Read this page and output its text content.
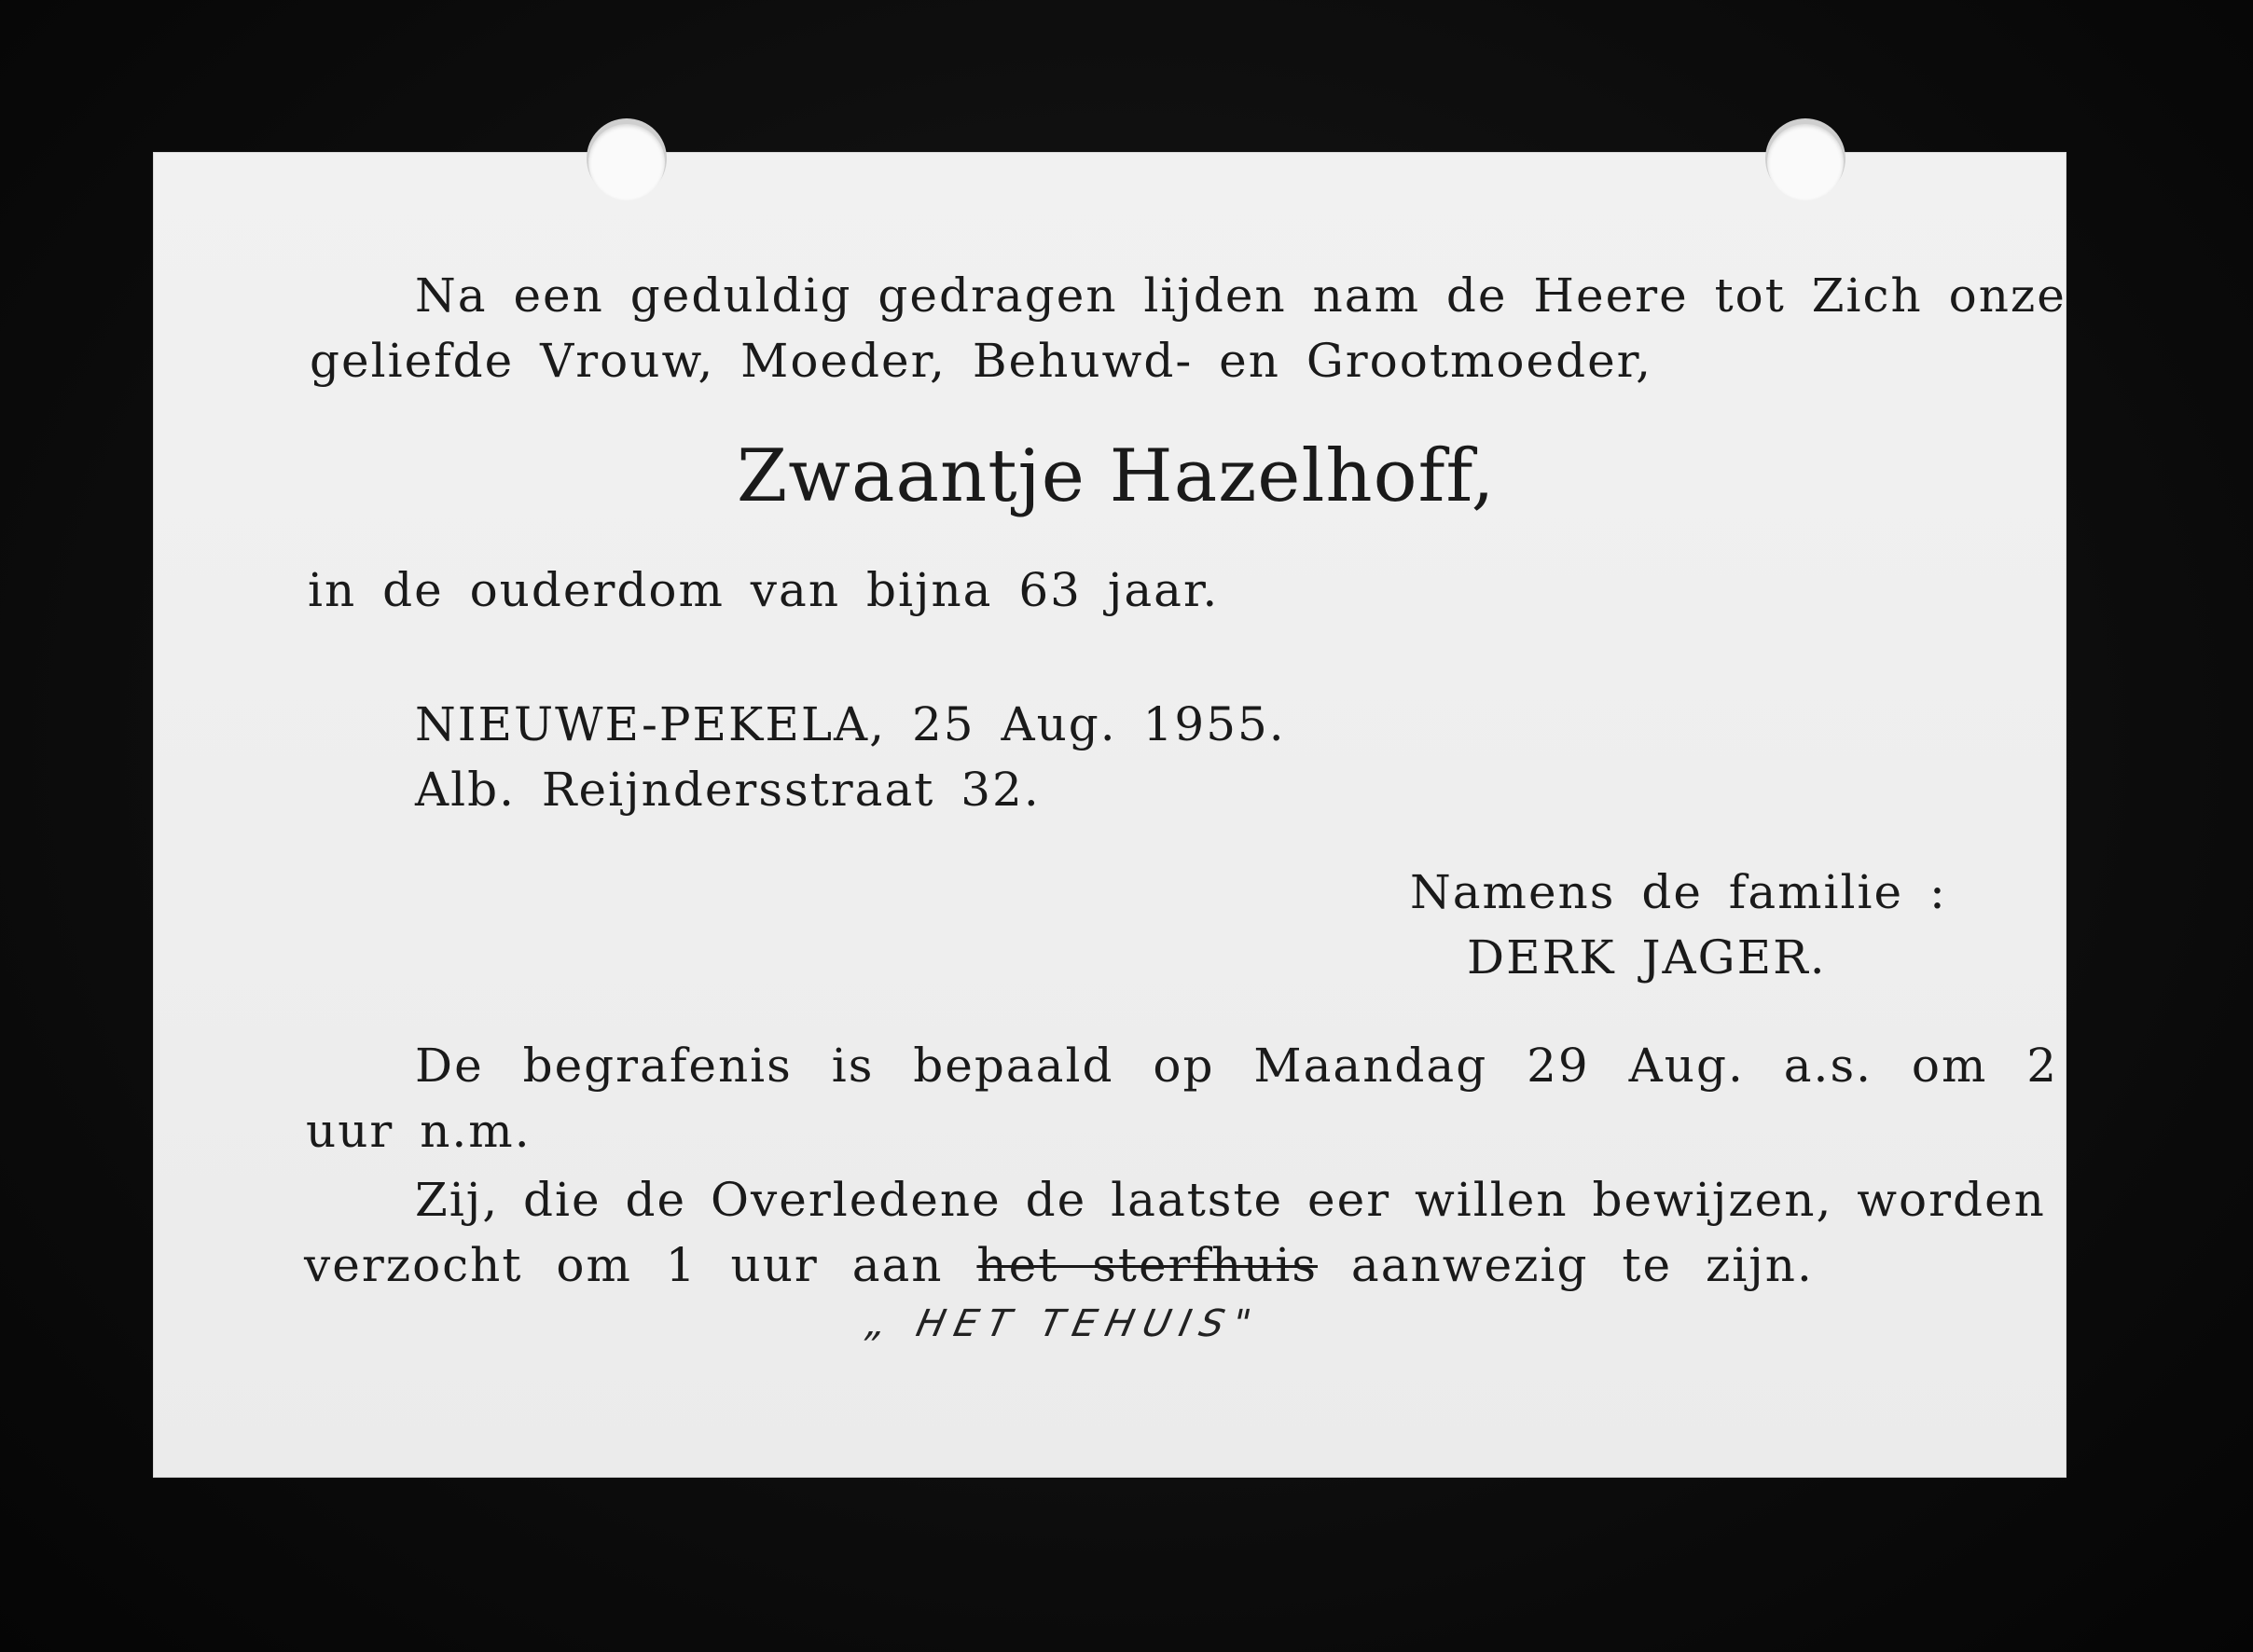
Na een geduldig gedragen lijden nam de Heere tot Zich onze
geliefde Vrouw, Moeder, Behuwd- en Grootmoeder,
Zwaantje Hazelhoff,
in de ouderdom van bijna 63 jaar.
NIEUWE-PEKELA, 25 Aug. 1955.
Alb. Reijndersstraat 32.
Namens de familie :
DERK JAGER.
De begrafenis is bepaald op Maandag 29 Aug. a.s. om 2
uur n.m.
Zij, die de Overledene de laatste eer willen bewijzen, worden
verzocht om 1 uur aan het sterfhuis aanwezig te zijn.
„ HET TEHUIS"
